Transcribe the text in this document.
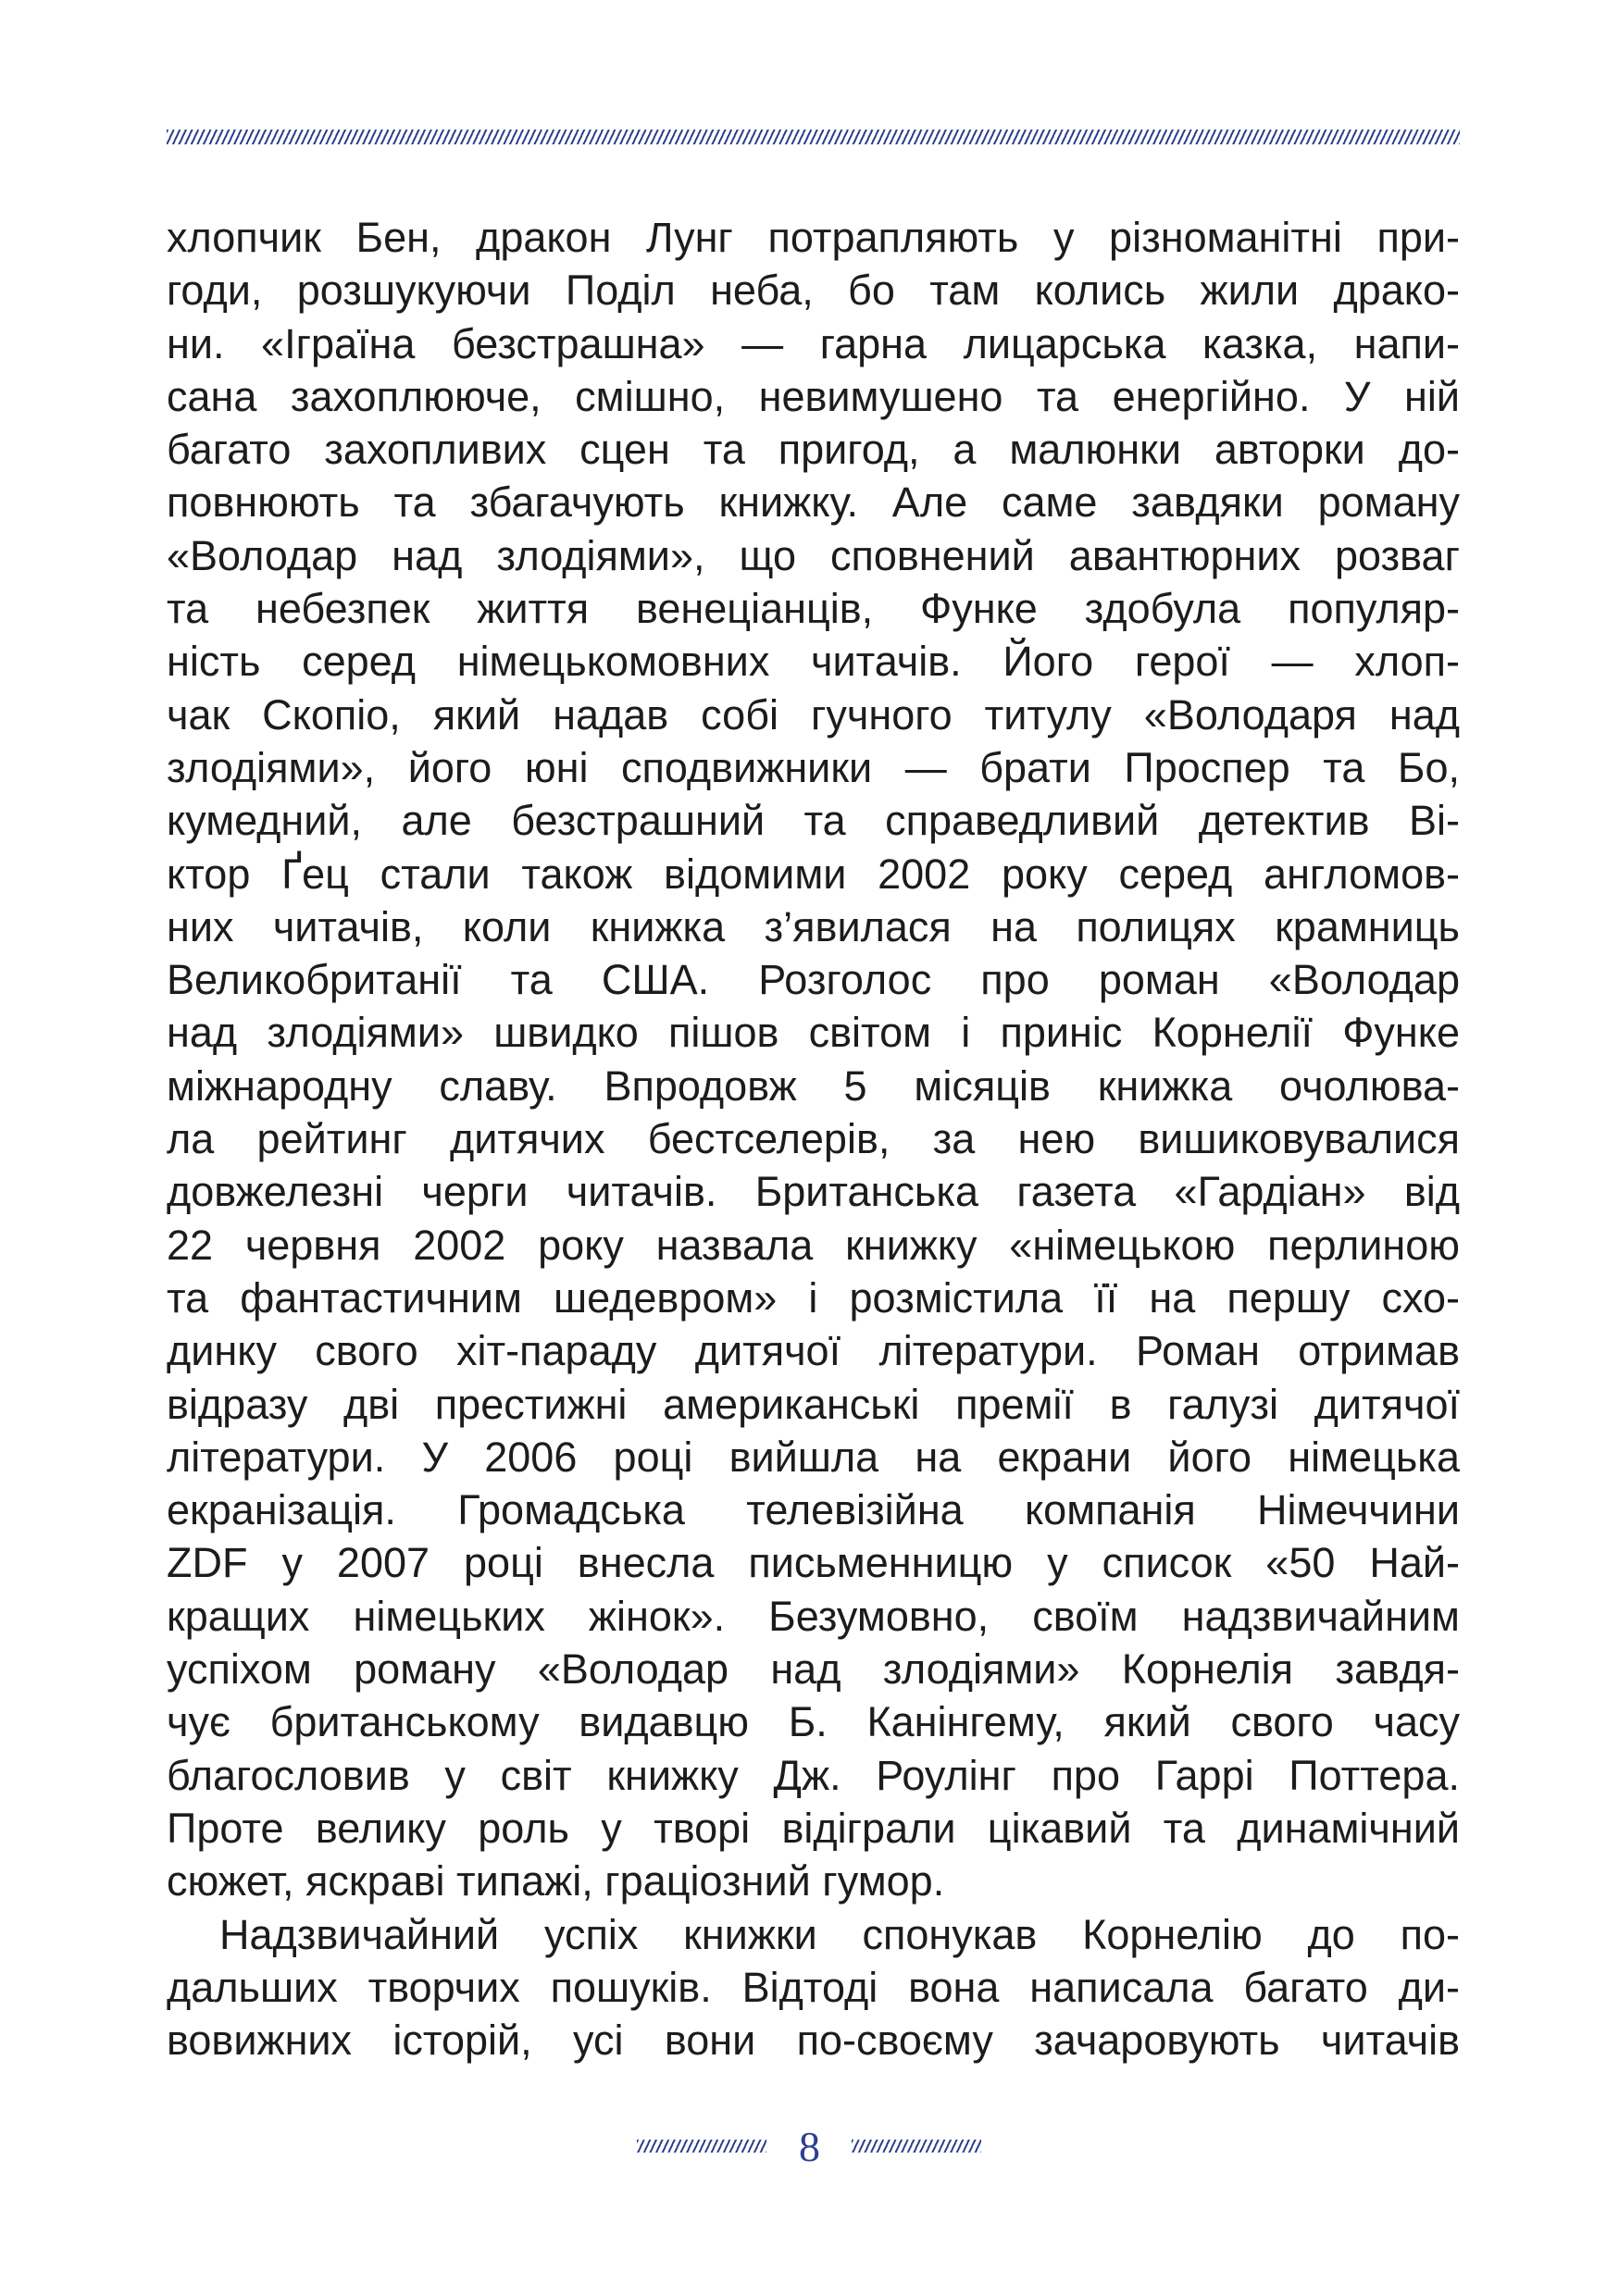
хлопчик Бен, дракон Лунг потрапляють у різноманітні при-
годи, розшукуючи Поділ неба, бо там колись жили драко-
ни. «Іграїна безстрашна» — гарна лицарська казка, напи-
сана захоплююче, смішно, невимушено та енергійно. У ній
багато захопливих сцен та пригод, а малюнки авторки до-
повнюють та збагачують книжку. Але саме завдяки роману
«Володар над злодіями», що сповнений авантюрних розваг
та небезпек життя венеціанців, Функе здобула популяр-
ність серед німецькомовних читачів. Його герої — хлоп-
чак Скопіо, який надав собі гучного титулу «Володаря над
злодіями», його юні сподвижники — брати Проспер та Бо,
кумедний, але безстрашний та справедливий детектив Ві-
ктор Ґец стали також відомими 2002 року серед англомов-
них читачів, коли книжка з’явилася на полицях крамниць
Великобританії та США. Розголос про роман «Володар
над злодіями» швидко пішов світом і приніс Корнелії Функе
міжнародну славу. Впродовж 5 місяців книжка очолюва-
ла рейтинг дитячих бестселерів, за нею вишиковувалися
довжелезні черги читачів. Британська газета «Гардіан» від
22 червня 2002 року назвала книжку «німецькою перлиною
та фантастичним шедевром» і розмістила її на першу схо-
динку свого хіт-параду дитячої літератури. Роман отримав
відразу дві престижні американські премії в галузі дитячої
літератури. У 2006 році вийшла на екрани його німецька
екранізація. Громадська телевізійна компанія Німеччини
ZDF у 2007 році внесла письменницю у список «50 Най-
кращих німецьких жінок». Безумовно, своїм надзвичайним
успіхом роману «Володар над злодіями» Корнелія завдя-
чує британському видавцю Б. Канінгему, який свого часу
благословив у світ книжку Дж. Роулінг про Гаррі Поттера.
Проте велику роль у творі відіграли цікавий та динамічний
сюжет, яскраві типажі, граціозний гумор.
Надзвичайний успіх книжки спонукав Корнелію до по-
дальших творчих пошуків. Відтоді вона написала багато ди-
вовижних історій, усі вони по-своєму зачаровують читачів
8
